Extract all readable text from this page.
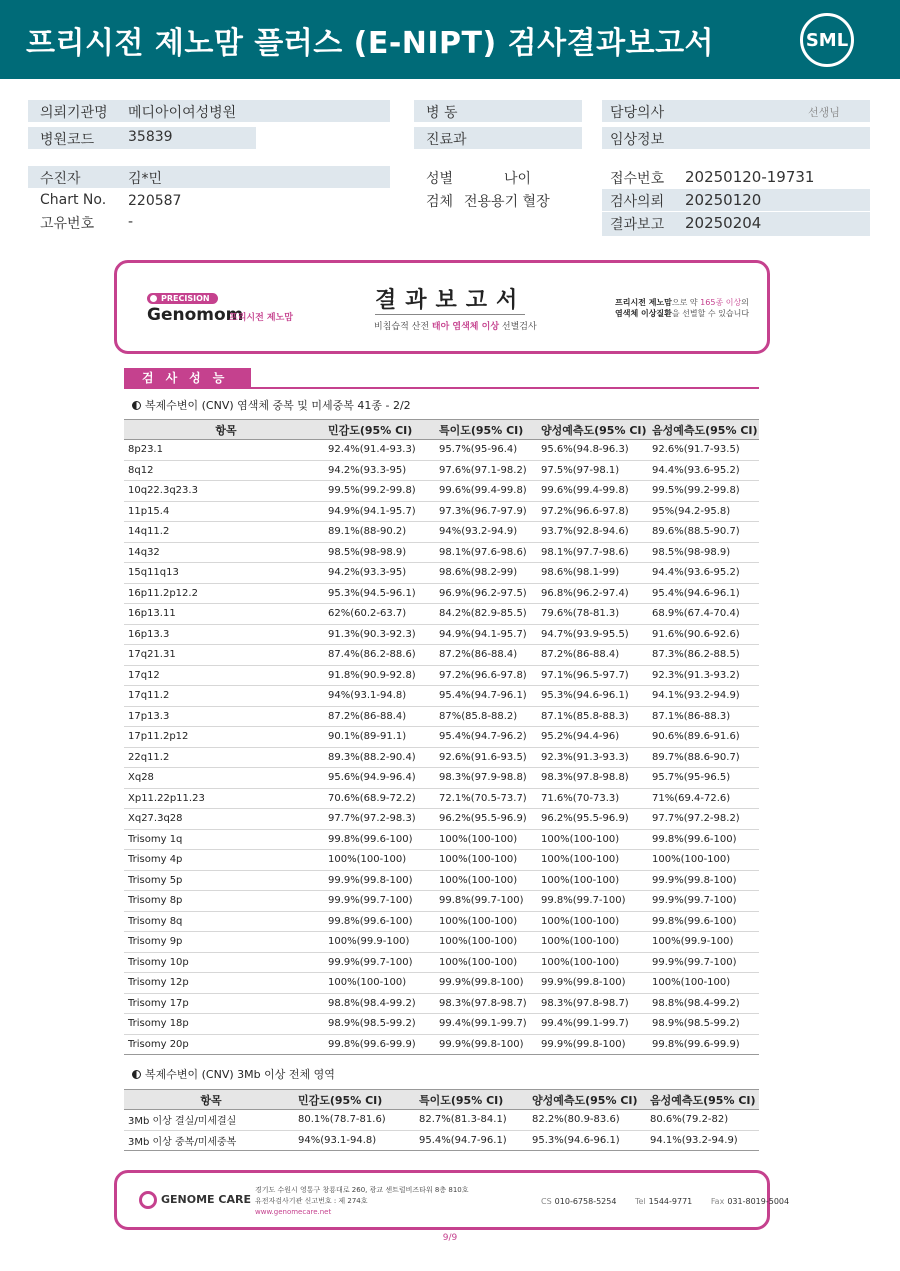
프리시전 제노맘 플러스 (E-NIPT) 검사결과보고서	SML
의뢰기관명 메디아이여성병원
병원코드 35839
병 동
진료과
담당의사	선생님
임상정보
수진자	김*민
Chart No. 220587
고유번호 -
성별	나이
검체 전용용기 혈장
접수번호 20250120-19731
검사의뢰 20250120
결과보고 20250204
PRECISION
Genomom
프리시전 제노맘
결과보고서
비침습적 산전 태아 염색체 이상 선별검사
프리시전 제노맘으로 약 165종 이상의
염색체 이상질환을 선별할 수 있습니다
검사성능
복제수변이 (CNV) 염색체 중복 및 미세중복 41종 - 2/2
항목	민감도(95% CI)	특이도(95% CI)	양성예측도(95% CI)	음성예측도(95% CI)
8p23.1	92.4%(91.4-93.3)	95.7%(95-96.4)	95.6%(94.8-96.3)	92.6%(91.7-93.5)
8q12	94.2%(93.3-95)	97.6%(97.1-98.2)	97.5%(97-98.1)	94.4%(93.6-95.2)
10q22.3q23.3	99.5%(99.2-99.8)	99.6%(99.4-99.8)	99.6%(99.4-99.8)	99.5%(99.2-99.8)
11p15.4	94.9%(94.1-95.7)	97.3%(96.7-97.9)	97.2%(96.6-97.8)	95%(94.2-95.8)
14q11.2	89.1%(88-90.2)	94%(93.2-94.9)	93.7%(92.8-94.6)	89.6%(88.5-90.7)
14q32	98.5%(98-98.9)	98.1%(97.6-98.6)	98.1%(97.7-98.6)	98.5%(98-98.9)
15q11q13	94.2%(93.3-95)	98.6%(98.2-99)	98.6%(98.1-99)	94.4%(93.6-95.2)
16p11.2p12.2	95.3%(94.5-96.1)	96.9%(96.2-97.5)	96.8%(96.2-97.4)	95.4%(94.6-96.1)
16p13.11	62%(60.2-63.7)	84.2%(82.9-85.5)	79.6%(78-81.3)	68.9%(67.4-70.4)
16p13.3	91.3%(90.3-92.3)	94.9%(94.1-95.7)	94.7%(93.9-95.5)	91.6%(90.6-92.6)
17q21.31	87.4%(86.2-88.6)	87.2%(86-88.4)	87.2%(86-88.4)	87.3%(86.2-88.5)
17q12	91.8%(90.9-92.8)	97.2%(96.6-97.8)	97.1%(96.5-97.7)	92.3%(91.3-93.2)
17q11.2	94%(93.1-94.8)	95.4%(94.7-96.1)	95.3%(94.6-96.1)	94.1%(93.2-94.9)
17p13.3	87.2%(86-88.4)	87%(85.8-88.2)	87.1%(85.8-88.3)	87.1%(86-88.3)
17p11.2p12	90.1%(89-91.1)	95.4%(94.7-96.2)	95.2%(94.4-96)	90.6%(89.6-91.6)
22q11.2	89.3%(88.2-90.4)	92.6%(91.6-93.5)	92.3%(91.3-93.3)	89.7%(88.6-90.7)
Xq28	95.6%(94.9-96.4)	98.3%(97.9-98.8)	98.3%(97.8-98.8)	95.7%(95-96.5)
Xp11.22p11.23	70.6%(68.9-72.2)	72.1%(70.5-73.7)	71.6%(70-73.3)	71%(69.4-72.6)
Xq27.3q28	97.7%(97.2-98.3)	96.2%(95.5-96.9)	96.2%(95.5-96.9)	97.7%(97.2-98.2)
Trisomy 1q	99.8%(99.6-100)	100%(100-100)	100%(100-100)	99.8%(99.6-100)
Trisomy 4p	100%(100-100)	100%(100-100)	100%(100-100)	100%(100-100)
Trisomy 5p	99.9%(99.8-100)	100%(100-100)	100%(100-100)	99.9%(99.8-100)
Trisomy 8p	99.9%(99.7-100)	99.8%(99.7-100)	99.8%(99.7-100)	99.9%(99.7-100)
Trisomy 8q	99.8%(99.6-100)	100%(100-100)	100%(100-100)	99.8%(99.6-100)
Trisomy 9p	100%(99.9-100)	100%(100-100)	100%(100-100)	100%(99.9-100)
Trisomy 10p	99.9%(99.7-100)	100%(100-100)	100%(100-100)	99.9%(99.7-100)
Trisomy 12p	100%(100-100)	99.9%(99.8-100)	99.9%(99.8-100)	100%(100-100)
Trisomy 17p	98.8%(98.4-99.2)	98.3%(97.8-98.7)	98.3%(97.8-98.7)	98.8%(98.4-99.2)
Trisomy 18p	98.9%(98.5-99.2)	99.4%(99.1-99.7)	99.4%(99.1-99.7)	98.9%(98.5-99.2)
Trisomy 20p	99.8%(99.6-99.9)	99.9%(99.8-100)	99.9%(99.8-100)	99.8%(99.6-99.9)
복제수변이 (CNV) 3Mb 이상 전체 영역
항목	민감도(95% CI)	특이도(95% CI)	양성예측도(95% CI)	음성예측도(95% CI)
3Mb 이상 결실/미세결실	80.1%(78.7-81.6)	82.7%(81.3-84.1)	82.2%(80.9-83.6)	80.6%(79.2-82)
3Mb 이상 중복/미세중복	94%(93.1-94.8)	95.4%(94.7-96.1)	95.3%(94.6-96.1)	94.1%(93.2-94.9)
GENOME CARE
경기도 수원시 영통구 창룡대로 260, 광교 센트럴비즈타워 8층 810호
유전자검사기관 신고번호 : 제 274호
www.genomecare.net
CS 010-6758-5254 Tel 1544-9771 Fax 031-8019-5004
9/9
